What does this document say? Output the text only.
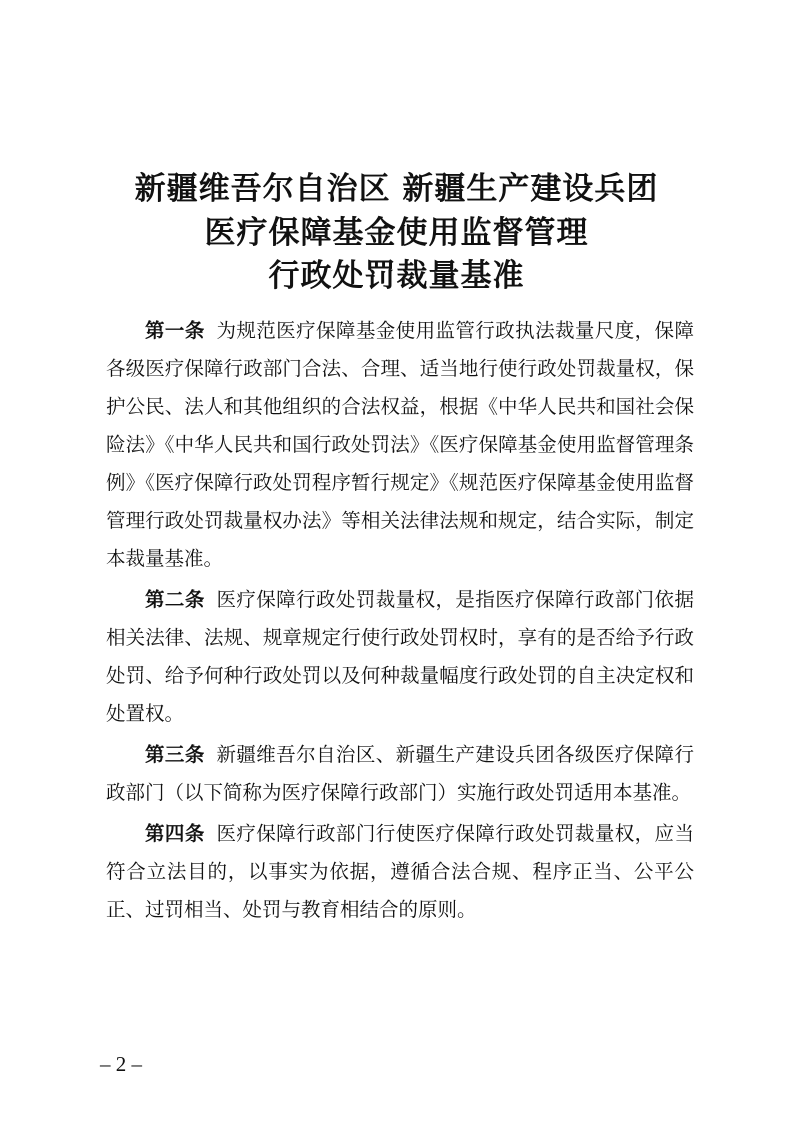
新疆维吾尔自治区 新疆生产建设兵团
医疗保障基金使用监督管理
行政处罚裁量基准

第一条 为规范医疗保障基金使用监管行政执法裁量尺度，保障各级医疗保障行政部门合法、合理、适当地行使行政处罚裁量权，保护公民、法人和其他组织的合法权益，根据《中华人民共和国社会保险法》《中华人民共和国行政处罚法》《医疗保障基金使用监督管理条例》《医疗保障行政处罚程序暂行规定》《规范医疗保障基金使用监督管理行政处罚裁量权办法》等相关法律法规和规定，结合实际，制定本裁量基准。

第二条 医疗保障行政处罚裁量权，是指医疗保障行政部门依据相关法律、法规、规章规定行使行政处罚权时，享有的是否给予行政处罚、给予何种行政处罚以及何种裁量幅度行政处罚的自主决定权和处置权。

第三条 新疆维吾尔自治区、新疆生产建设兵团各级医疗保障行政部门（以下简称为医疗保障行政部门）实施行政处罚适用本基准。

第四条 医疗保障行政部门行使医疗保障行政处罚裁量权，应当符合立法目的，以事实为依据，遵循合法合规、程序正当、公平公正、过罚相当、处罚与教育相结合的原则。

– 2 –
